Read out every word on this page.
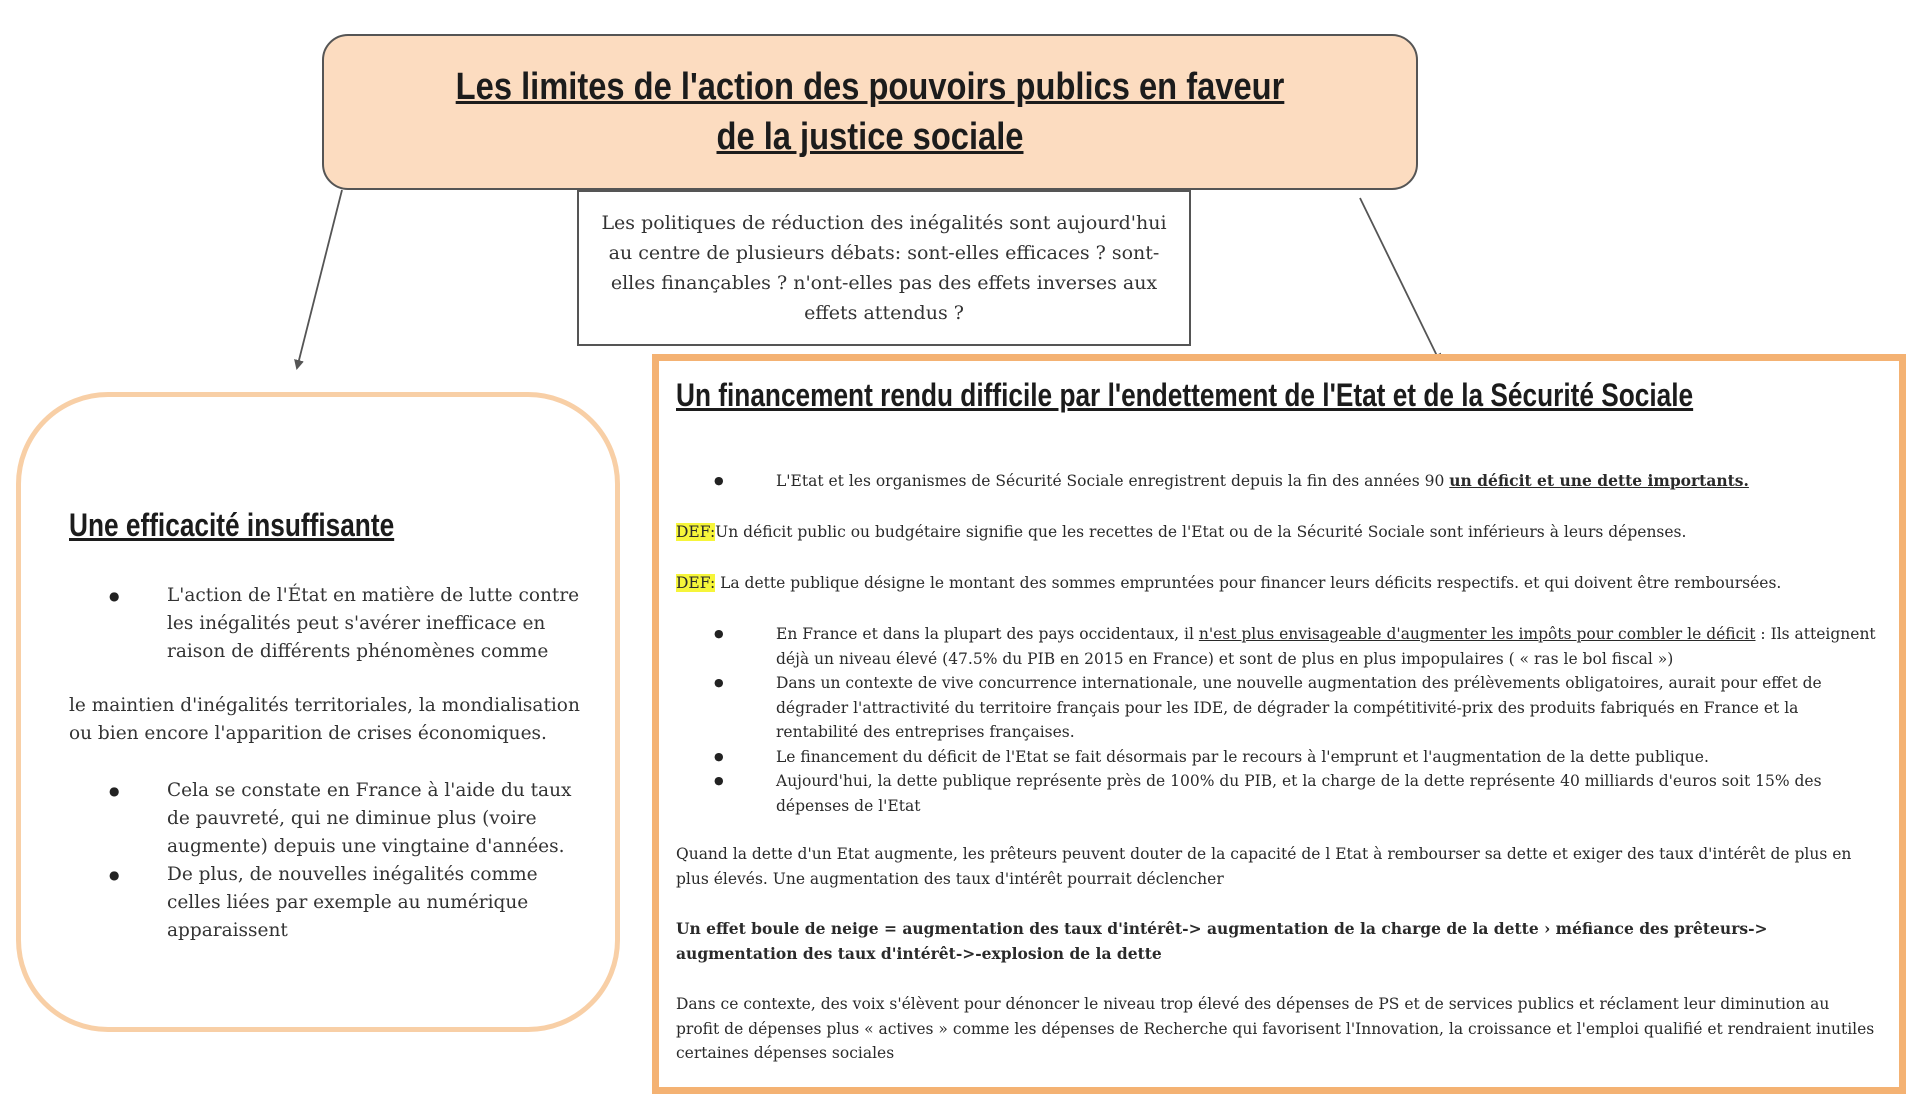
Les limites de l'action des pouvoirs publics en faveur de la justice sociale
Les politiques de réduction des inégalités sont aujourd'hui au centre de plusieurs débats: sont-elles efficaces ? sont-elles finançables ? n'ont-elles pas des effets inverses aux effets attendus ?
Une efficacité insuffisante
● L'action de l'État en matière de lutte contre les inégalités peut s'avérer inefficace en raison de différents phénomènes comme

le maintien d'inégalités territoriales, la mondialisation ou bien encore l'apparition de crises économiques.

● Cela se constate en France à l'aide du taux de pauvreté, qui ne diminue plus (voire augmente) depuis une vingtaine d'années.
● De plus, de nouvelles inégalités comme celles liées par exemple au numérique apparaissent
Un financement rendu difficile par l'endettement de l'Etat et de la Sécurité Sociale
● L'Etat et les organismes de Sécurité Sociale enregistrent depuis la fin des années 90 un déficit et une dette importants.

DEF:Un déficit public ou budgétaire signifie que les recettes de l'Etat ou de la Sécurité Sociale sont inférieurs à leurs dépenses.

DEF: La dette publique désigne le montant des sommes empruntées pour financer leurs déficits respectifs. et qui doivent être remboursées.

● En France et dans la plupart des pays occidentaux, il n'est plus envisageable d'augmenter les impôts pour combler le déficit : Ils atteignent déjà un niveau élevé (47.5% du PIB en 2015 en France) et sont de plus en plus impopulaires ( « ras le bol fiscal »)
● Dans un contexte de vive concurrence internationale, une nouvelle augmentation des prélèvements obligatoires, aurait pour effet de dégrader l'attractivité du territoire français pour les IDE, de dégrader la compétitivité-prix des produits fabriqués en France et la rentabilité des entreprises françaises.
● Le financement du déficit de l'Etat se fait désormais par le recours à l'emprunt et l'augmentation de la dette publique.
● Aujourd'hui, la dette publique représente près de 100% du PIB, et la charge de la dette représente 40 milliards d'euros soit 15% des dépenses de l'Etat

Quand la dette d'un Etat augmente, les prêteurs peuvent douter de la capacité de l Etat à rembourser sa dette et exiger des taux d'intérêt de plus en plus élevés. Une augmentation des taux d'intérêt pourrait déclencher

Un effet boule de neige = augmentation des taux d'intérêt-> augmentation de la charge de la dette › méfiance des prêteurs-> augmentation des taux d'intérêt->-explosion de la dette

Dans ce contexte, des voix s'élèvent pour dénoncer le niveau trop élevé des dépenses de PS et de services publics et réclament leur diminution au profit de dépenses plus « actives » comme les dépenses de Recherche qui favorisent l'Innovation, la croissance et l'emploi qualifié et rendraient inutiles certaines dépenses sociales
